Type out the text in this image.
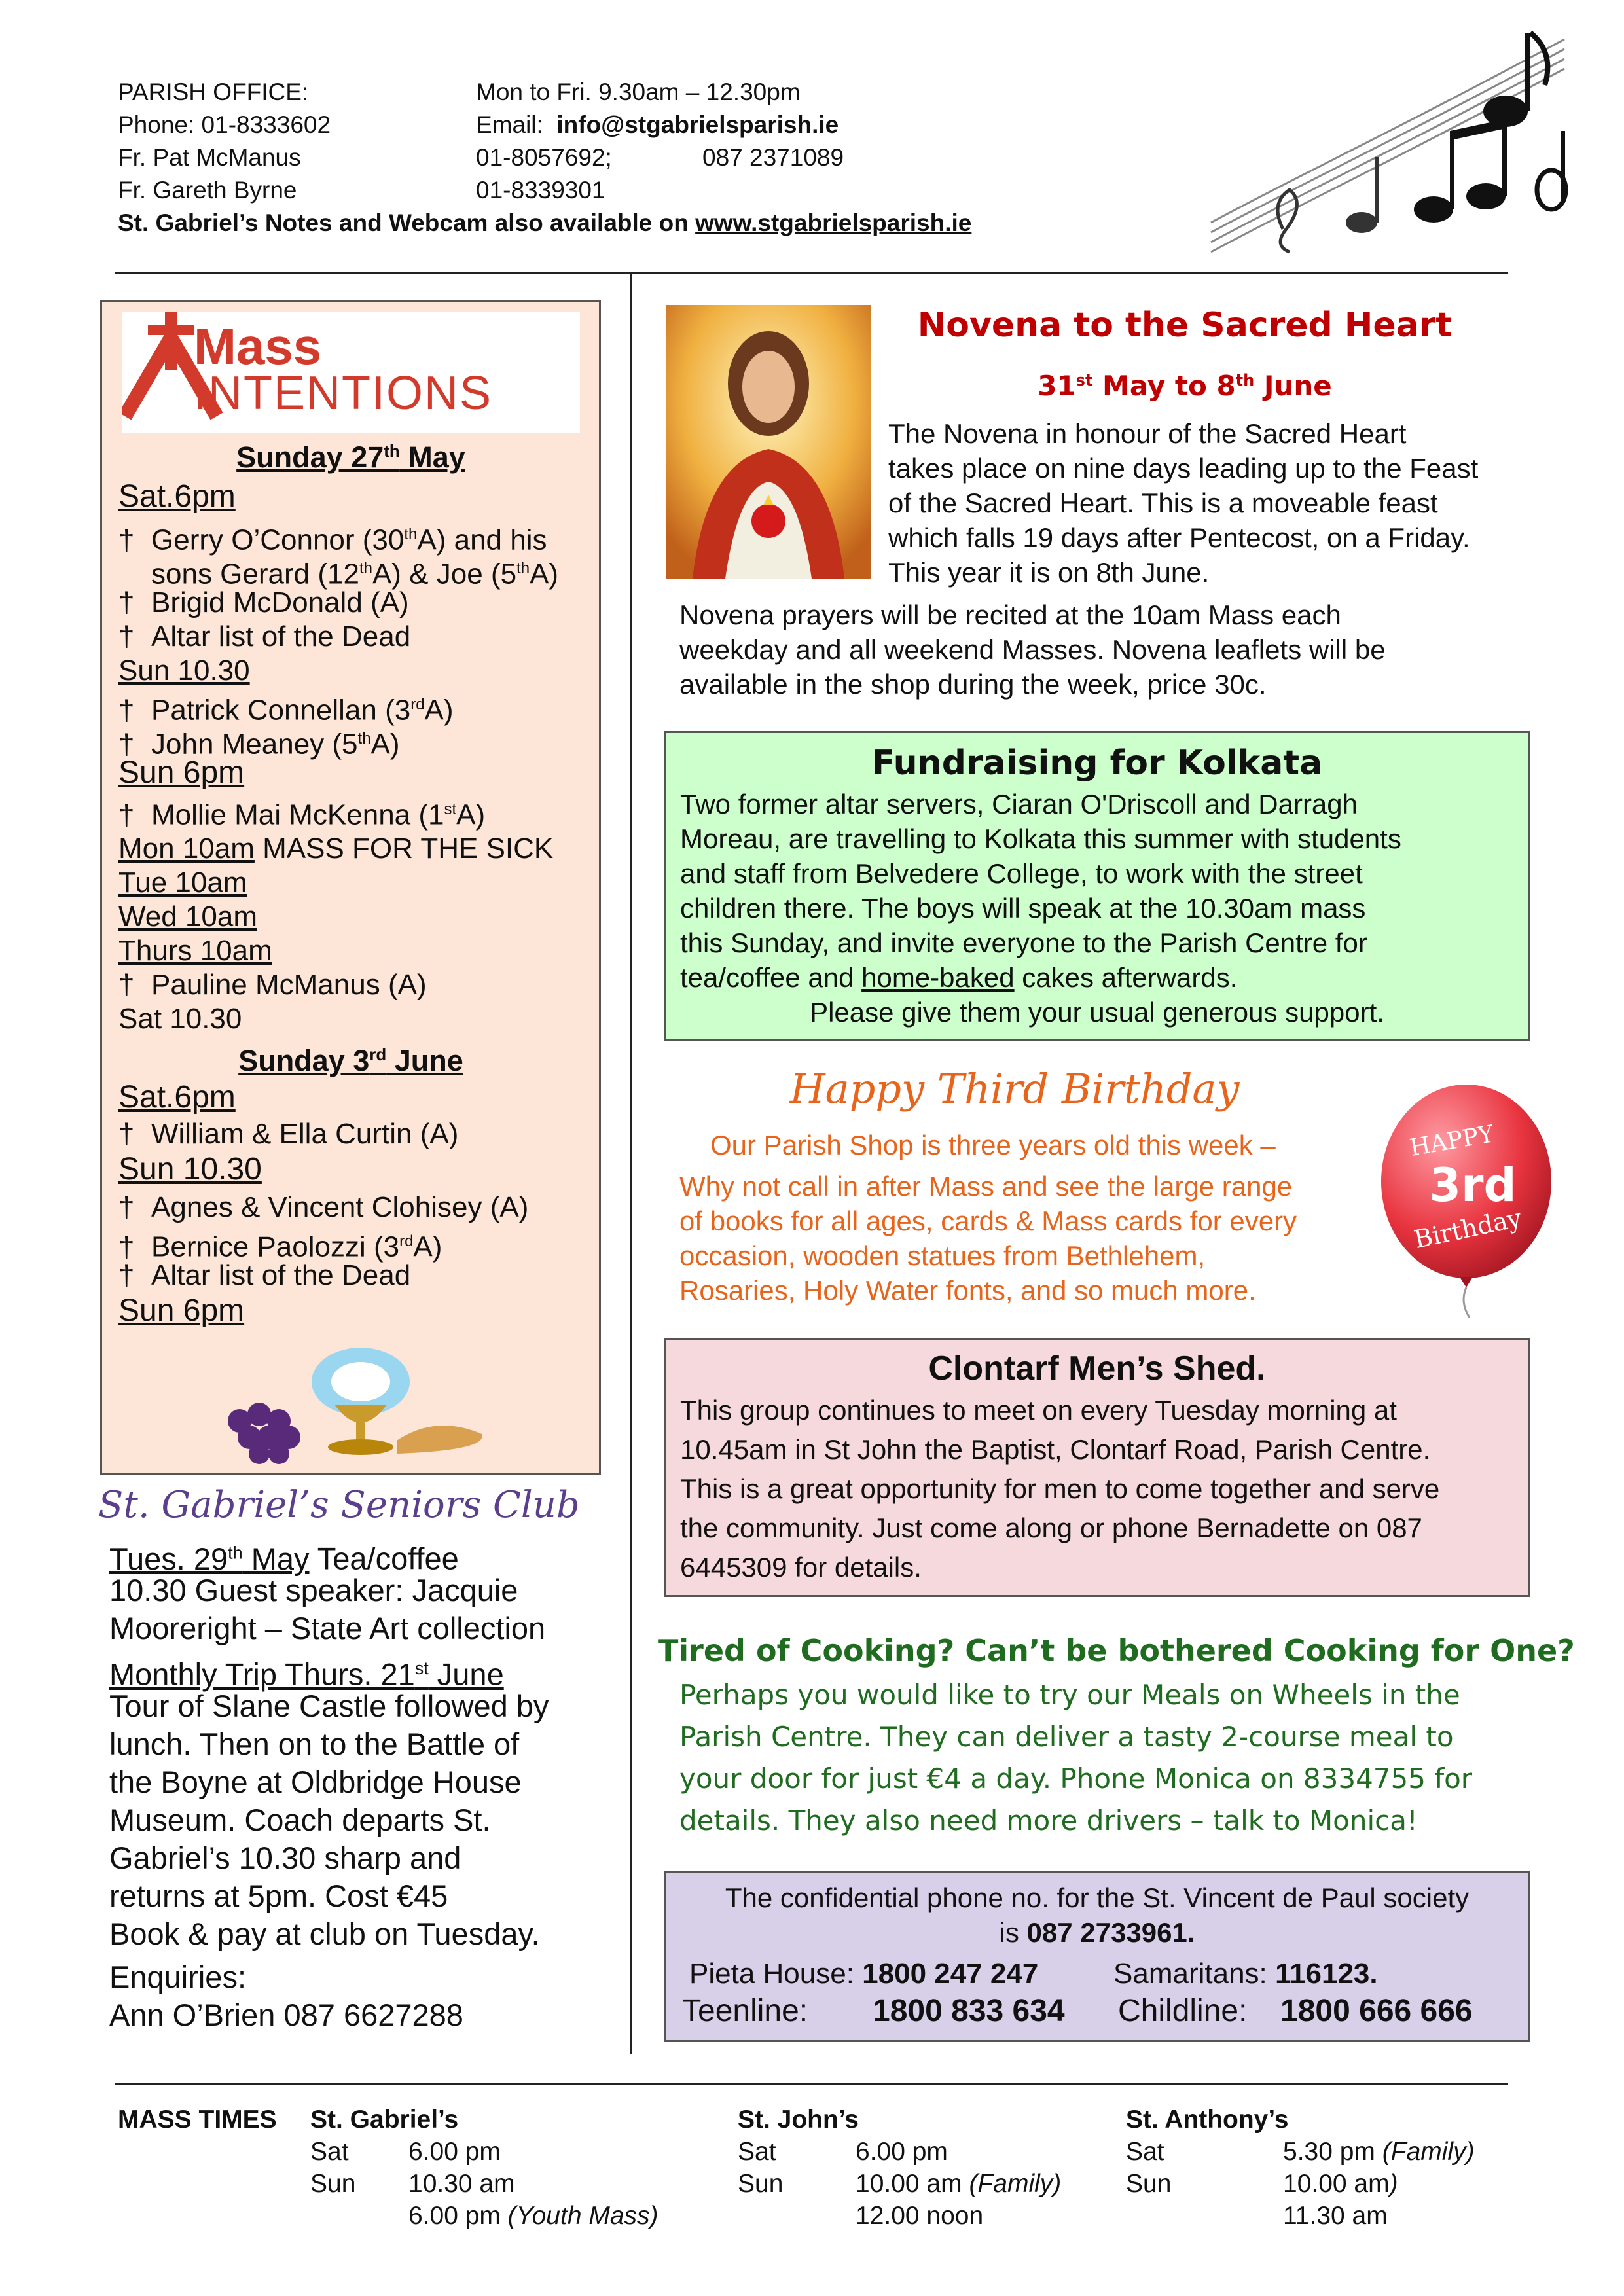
PARISH OFFICE:	Mon to Fri. 9.30am – 12.30pm
Phone: 01-8333602	Email: info@stgabrielsparish.ie
Fr. Pat McManus	01-8057692;	087 2371089
Fr. Gareth Byrne	01-8339301
St. Gabriel’s Notes and Webcam also available on www.stgabrielsparish.ie
Mass
INTENTIONS
Sunday 27th May
Sat.6pm
† Gerry O’Connor (30thA) and his
sons Gerard (12thA) & Joe (5thA)
† Brigid McDonald (A)
† Altar list of the Dead
Sun 10.30
† Patrick Connellan (3rdA)
† John Meaney (5thA)
Sun 6pm
† Mollie Mai McKenna (1stA)
Mon 10am MASS FOR THE SICK
Tue 10am
Wed 10am
Thurs 10am
† Pauline McManus (A)
Sat 10.30
Sunday 3rd June
Sat.6pm
† William & Ella Curtin (A)
Sun 10.30
† Agnes & Vincent Clohisey (A)
† Bernice Paolozzi (3rdA)
† Altar list of the Dead
Sun 6pm
St. Gabriel’s Seniors Club
Tues. 29th May Tea/coffee
10.30 Guest speaker: Jacquie
Mooreright – State Art collection
Monthly Trip Thurs. 21st June
Tour of Slane Castle followed by
lunch. Then on to the Battle of
the Boyne at Oldbridge House
Museum. Coach departs St.
Gabriel’s 10.30 sharp and
returns at 5pm. Cost €45
Book & pay at club on Tuesday.
Enquiries:
Ann O’Brien 087 6627288
Novena to the Sacred Heart
31st May to 8th June
The Novena in honour of the Sacred Heart
takes place on nine days leading up to the Feast
of the Sacred Heart. This is a moveable feast
which falls 19 days after Pentecost, on a Friday.
This year it is on 8th June.
Novena prayers will be recited at the 10am Mass each
weekday and all weekend Masses. Novena leaflets will be
available in the shop during the week, price 30c.
Fundraising for Kolkata
Two former altar servers, Ciaran O'Driscoll and Darragh
Moreau, are travelling to Kolkata this summer with students
and staff from Belvedere College, to work with the street
children there. The boys will speak at the 10.30am mass
this Sunday, and invite everyone to the Parish Centre for
tea/coffee and home-baked cakes afterwards.
Please give them your usual generous support.
Happy Third Birthday
Our Parish Shop is three years old this week –
Why not call in after Mass and see the large range
of books for all ages, cards & Mass cards for every
occasion, wooden statues from Bethlehem,
Rosaries, Holy Water fonts, and so much more.
HAPPY
3rd
Birthday
Clontarf Men’s Shed.
This group continues to meet on every Tuesday morning at
10.45am in St John the Baptist, Clontarf Road, Parish Centre.
This is a great opportunity for men to come together and serve
the community. Just come along or phone Bernadette on 087
6445309 for details.
Tired of Cooking? Can’t be bothered Cooking for One?
Perhaps you would like to try our Meals on Wheels in the
Parish Centre. They can deliver a tasty 2-course meal to
your door for just €4 a day. Phone Monica on 8334755 for
details. They also need more drivers – talk to Monica!
The confidential phone no. for the St. Vincent de Paul society
is 087 2733961.
Pieta House: 1800 247 247	Samaritans: 116123.
Teenline: 1800 833 634 Childline: 1800 666 666
MASS TIMES St. Gabriel’s
Sat 6.00 pm
Sun 10.30 am
6.00 pm (Youth Mass)
St. John’s
Sat	6.00 pm
Sun	10.00 am (Family)
12.00 noon
St. Anthony’s
Sat	5.30 pm (Family)
Sun	10.00 am)
11.30 am
